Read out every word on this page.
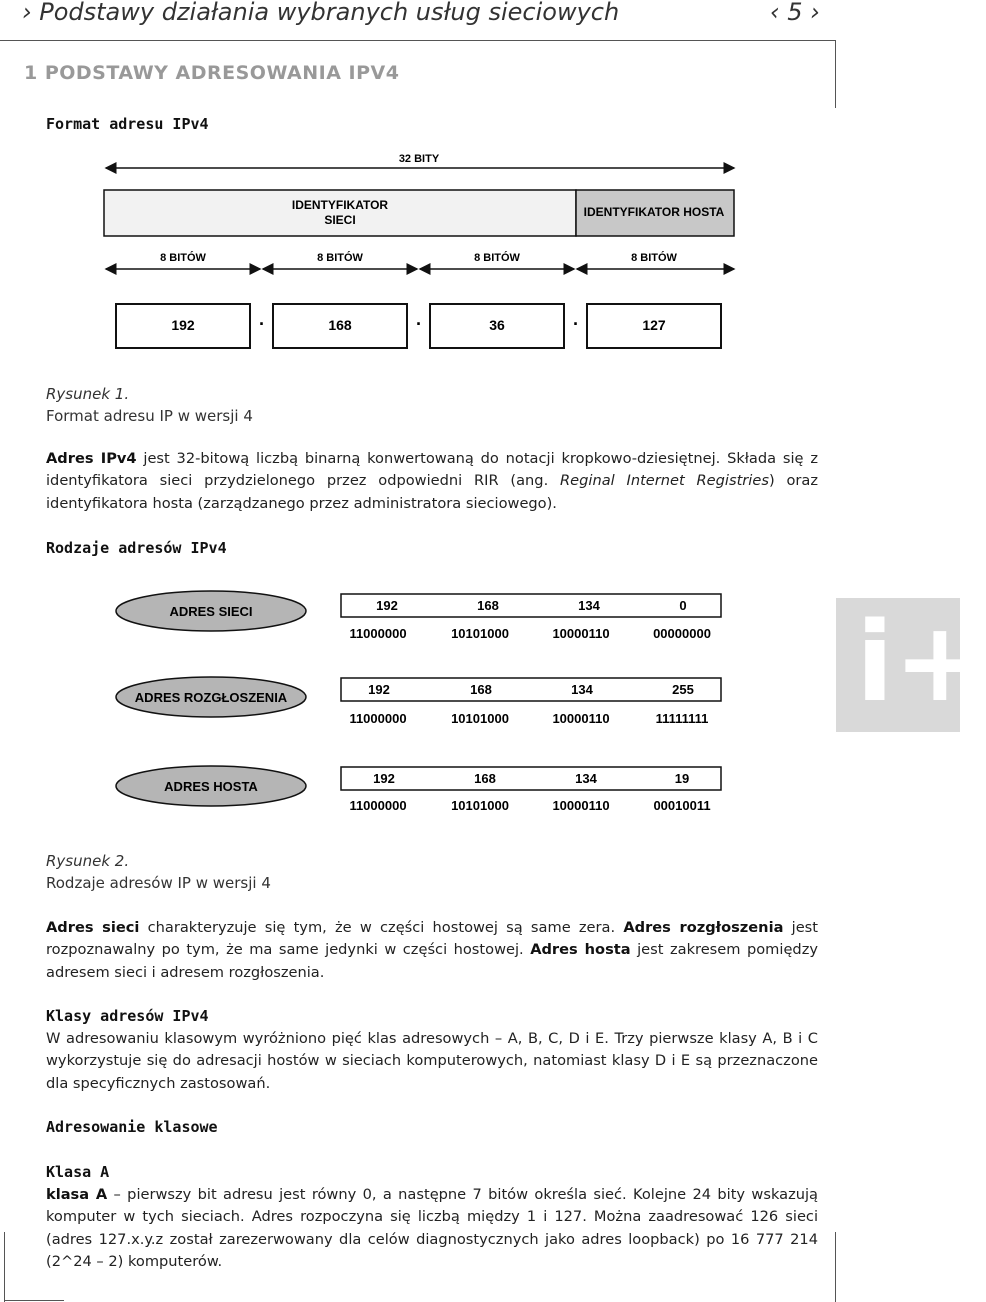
› Podstawy działania wybranych usług sieciowych	‹ 5 ›
1 PODSTAWY ADRESOWANIA IPV4
Format adresu IPv4
32 BITY
IDENTYFIKATOR
SIECI
IDENTYFIKATOR HOSTA
8 BITÓW	8 BITÓW	8 BITÓW	8 BITÓW
192	168	36	127
·	·	·
Rysunek 1.
Format adresu IP w wersji 4
Adres IPv4 jest 32-bitową liczbą binarną konwertowaną do notacji kropkowo-dziesiętnej. Składa się z identyfikatora sieci przydzielonego przez odpowiedni RIR (ang. Reginal Internet Registries) oraz identyfikatora hosta (zarządzanego przez administratora sieciowego).
Rodzaje adresów IPv4
ADRES SIECI	192	168	134	0
11000000	10101000	10000110	00000000
ADRES ROZGŁOSZENIA
192	168	134	255
11000000	10101000	10000110	11111111
ADRES HOSTA
192	168	134	19
11000000	10101000	10000110	00010011
i+
Rysunek 2.
Rodzaje adresów IP w wersji 4
Adres sieci charakteryzuje się tym, że w części hostowej są same zera. Adres rozgłoszenia jest rozpoznawalny po tym, że ma same jedynki w części hostowej. Adres hosta jest zakresem pomiędzy adresem sieci i adresem rozgłoszenia.
Klasy adresów IPv4
W adresowaniu klasowym wyróżniono pięć klas adresowych – A, B, C, D i E. Trzy pierwsze klasy A, B i C wykorzystuje się do adresacji hostów w sieciach komputerowych, natomiast klasy D i E są przeznaczone dla specyficznych zastosowań.
Adresowanie klasowe
Klasa A
klasa A – pierwszy bit adresu jest równy 0, a następne 7 bitów określa sieć. Kolejne 24 bity wskazują komputer w tych sieciach. Adres rozpoczyna się liczbą między 1 i 127. Można zaadresować 126 sieci (adres 127.x.y.z został zarezerwowany dla celów diagnostycznych jako adres loopback) po 16 777 214 (2^24 – 2) komputerów.
